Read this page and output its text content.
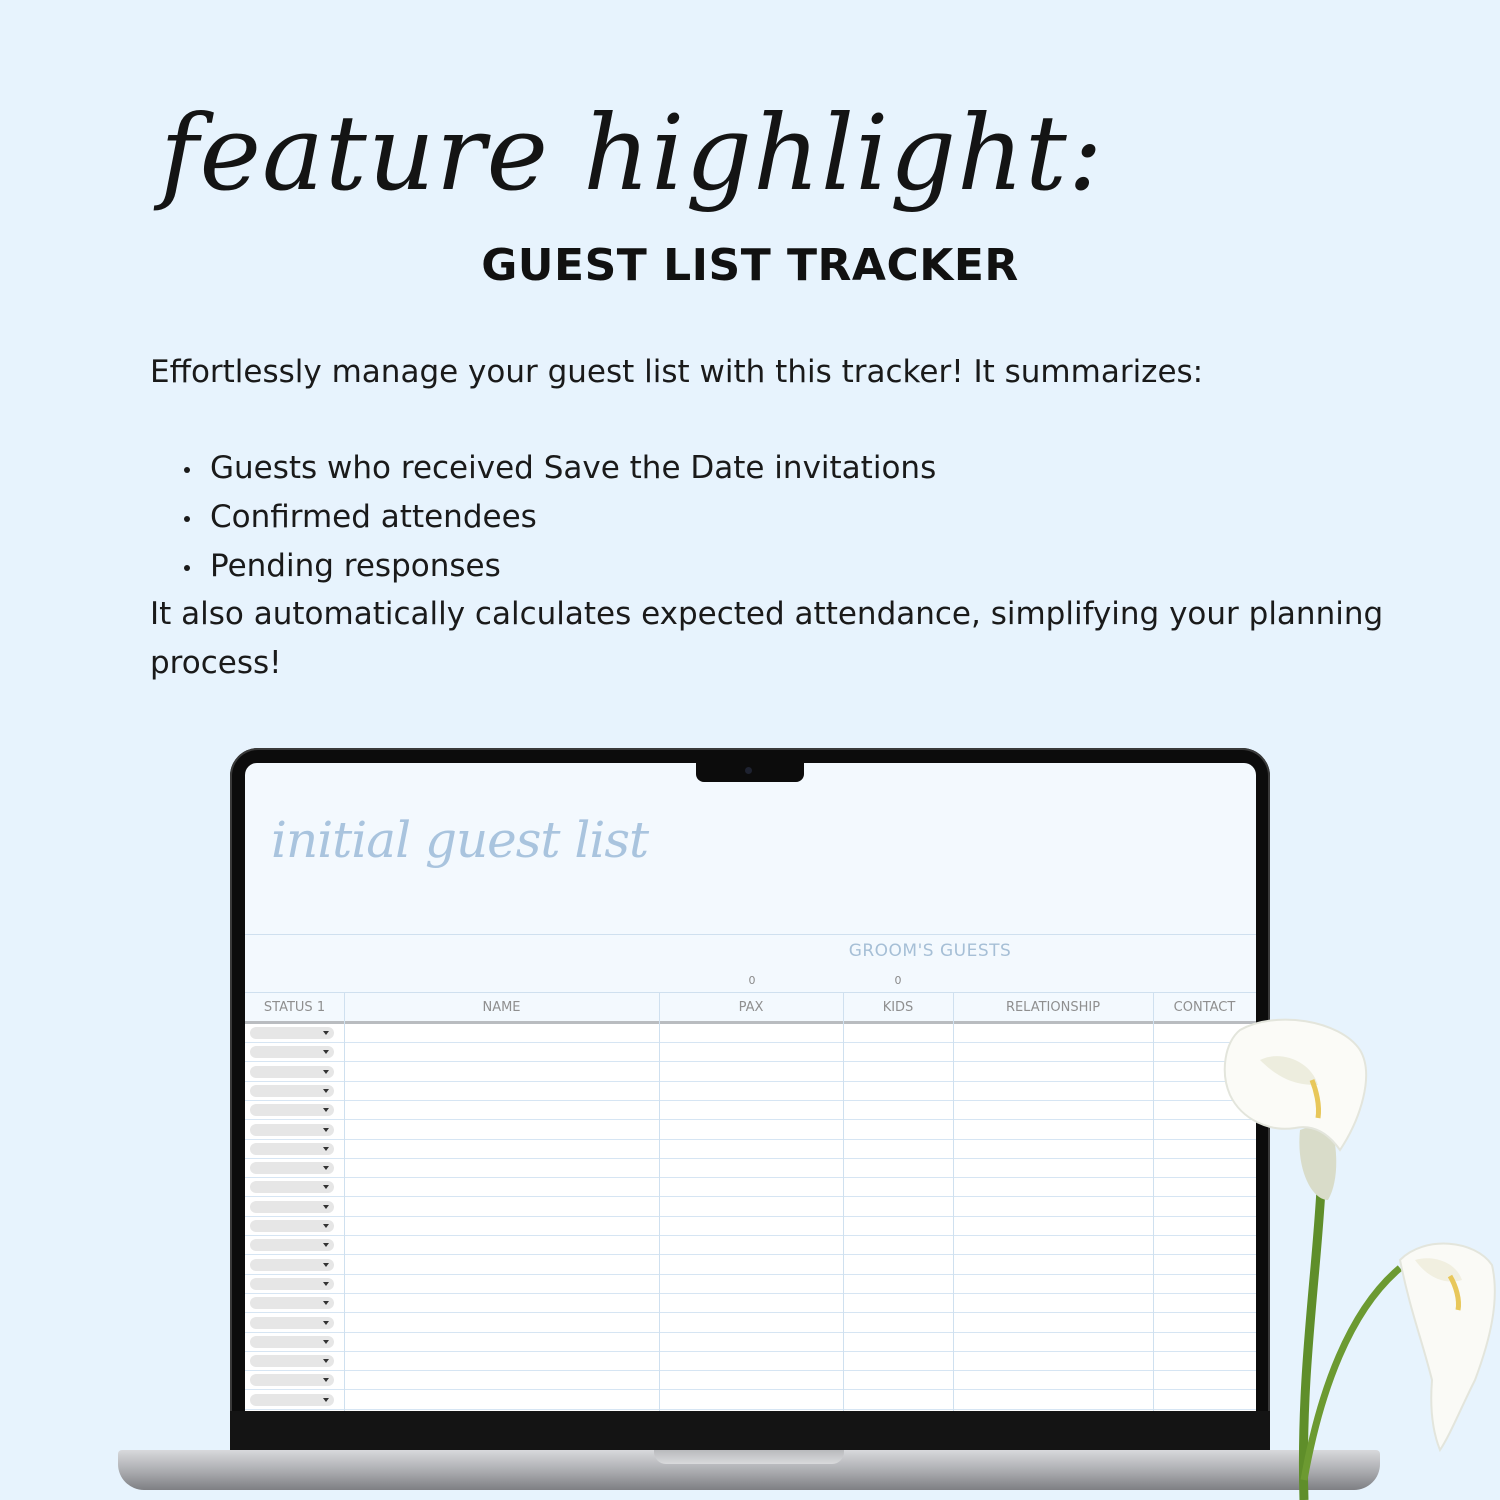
feature highlight:
GUEST LIST TRACKER
Effortlessly manage your guest list with this tracker! It summarizes:
Guests who received Save the Date invitations
Confirmed attendees
Pending responses
It also automatically calculates expected attendance, simplifying your planning process!
initial guest list
GROOM'S GUESTS
0	0
STATUS 1	NAME	PAX	KIDS	RELATIONSHIP	CONTACT
